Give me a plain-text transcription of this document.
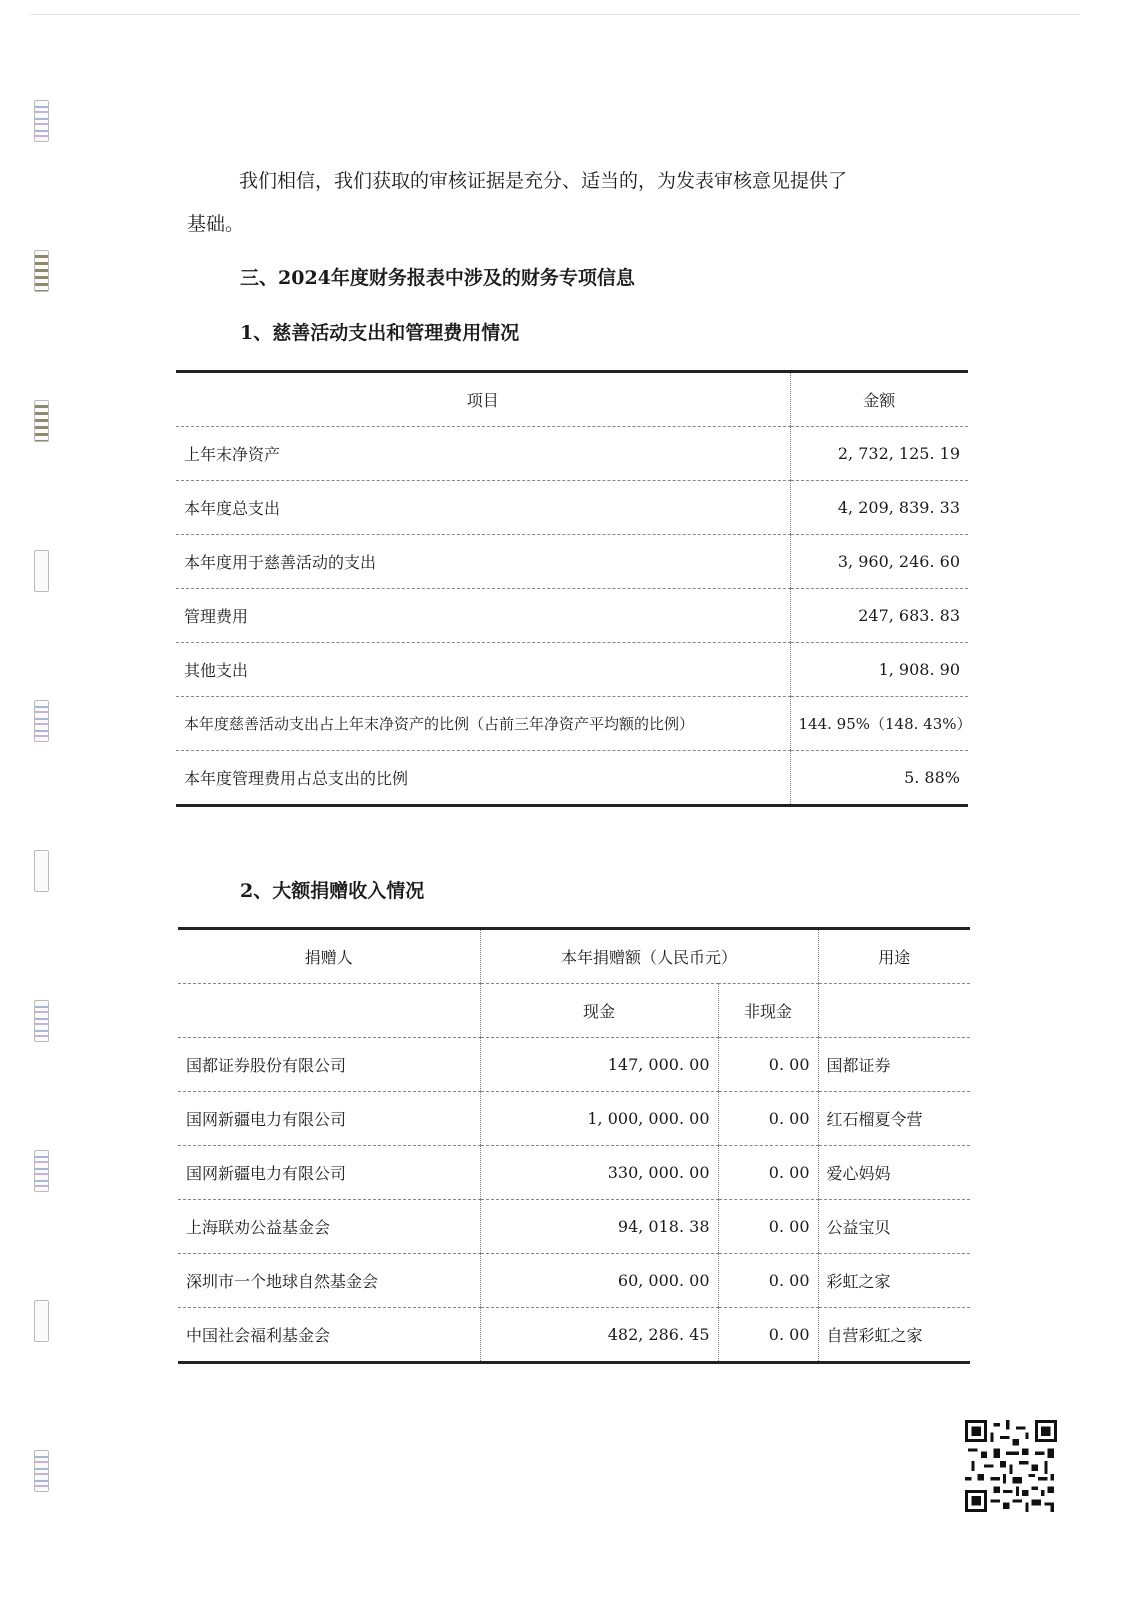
我们相信，我们获取的审核证据是充分、适当的，为发表审核意见提供了
基础。

三、2024年度财务报表中涉及的财务专项信息
1、慈善活动支出和管理费用情况
项目	金额
上年末净资产	2, 732, 125. 19
本年度总支出	4, 209, 839. 33
本年度用于慈善活动的支出	3, 960, 246. 60
管理费用	247, 683. 83
其他支出	1, 908. 90
本年度慈善活动支出占上年末净资产的比例（占前三年净资产平均额的比例）	144. 95%（148. 43%）
本年度管理费用占总支出的比例	5. 88%
2、大额捐赠收入情况
捐赠人	本年捐赠额（人民币元）		用途
	现金	非现金	
国都证券股份有限公司	147, 000. 00	0. 00	国都证券
国网新疆电力有限公司	1, 000, 000. 00	0. 00	红石榴夏令营
国网新疆电力有限公司	330, 000. 00	0. 00	爱心妈妈
上海联劝公益基金会	94, 018. 38	0. 00	公益宝贝
深圳市一个地球自然基金会	60, 000. 00	0. 00	彩虹之家
中国社会福利基金会	482, 286. 45	0. 00	自营彩虹之家
